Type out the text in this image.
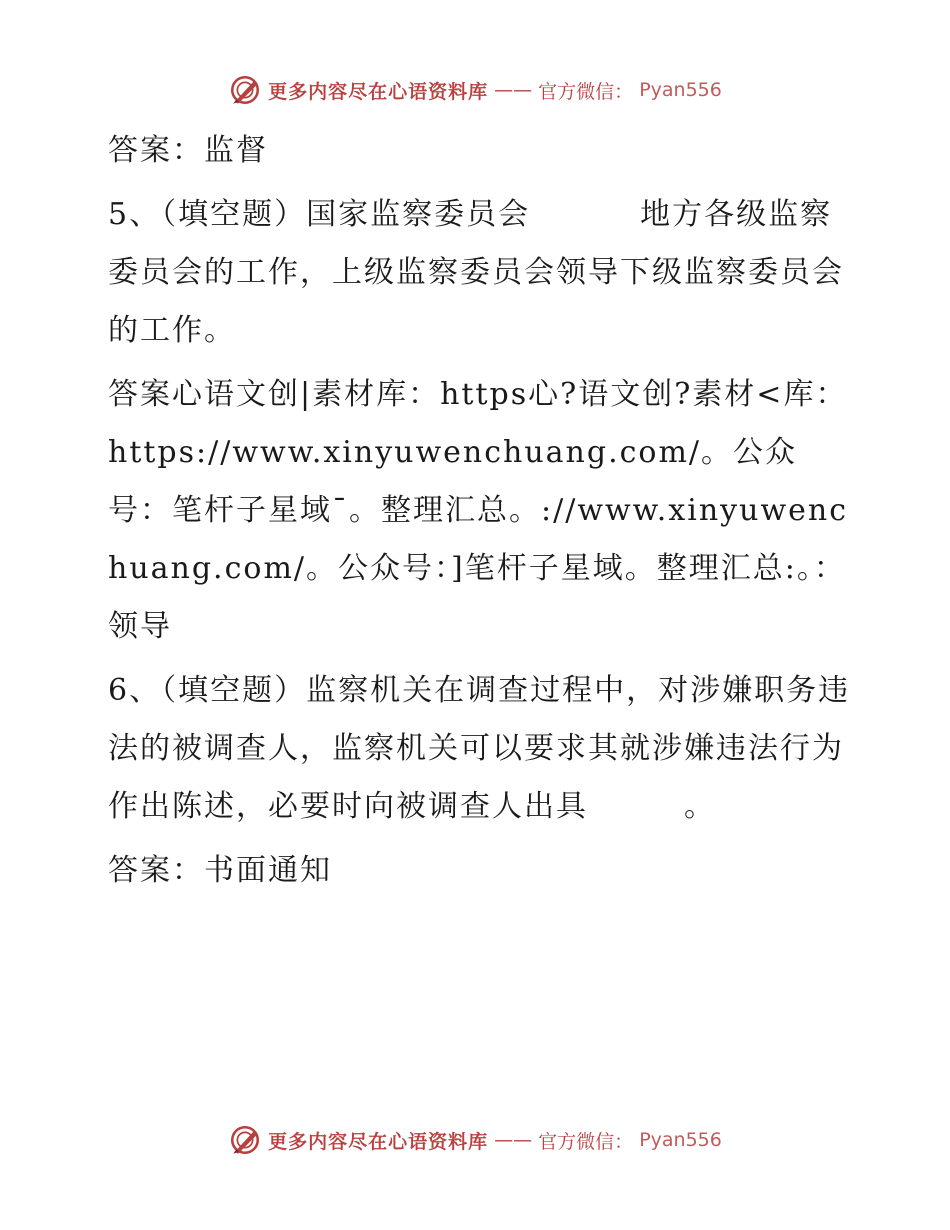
更多内容尽在心语资料库 —— 官方微信： Pyan556

答案：监督

5、（填空题）国家监察委员会	地方各级监察委员会的工作，上级监察委员会领导下级监察委员会的工作。

答案心语文创|素材库：https心?语文创?素材<库：https://www.xinyuwenchuang.com/。公众号：笔杆子星域¯。整理汇总。://www.xinyuwenchuang.com/。公众号：]笔杆子星域。整理汇总:。：领导

6、（填空题）监察机关在调查过程中，对涉嫌职务违法的被调查人，监察机关可以要求其就涉嫌违法行为作出陈述，必要时向被调查人出具	。

答案：书面通知

更多内容尽在心语资料库 —— 官方微信： Pyan556
